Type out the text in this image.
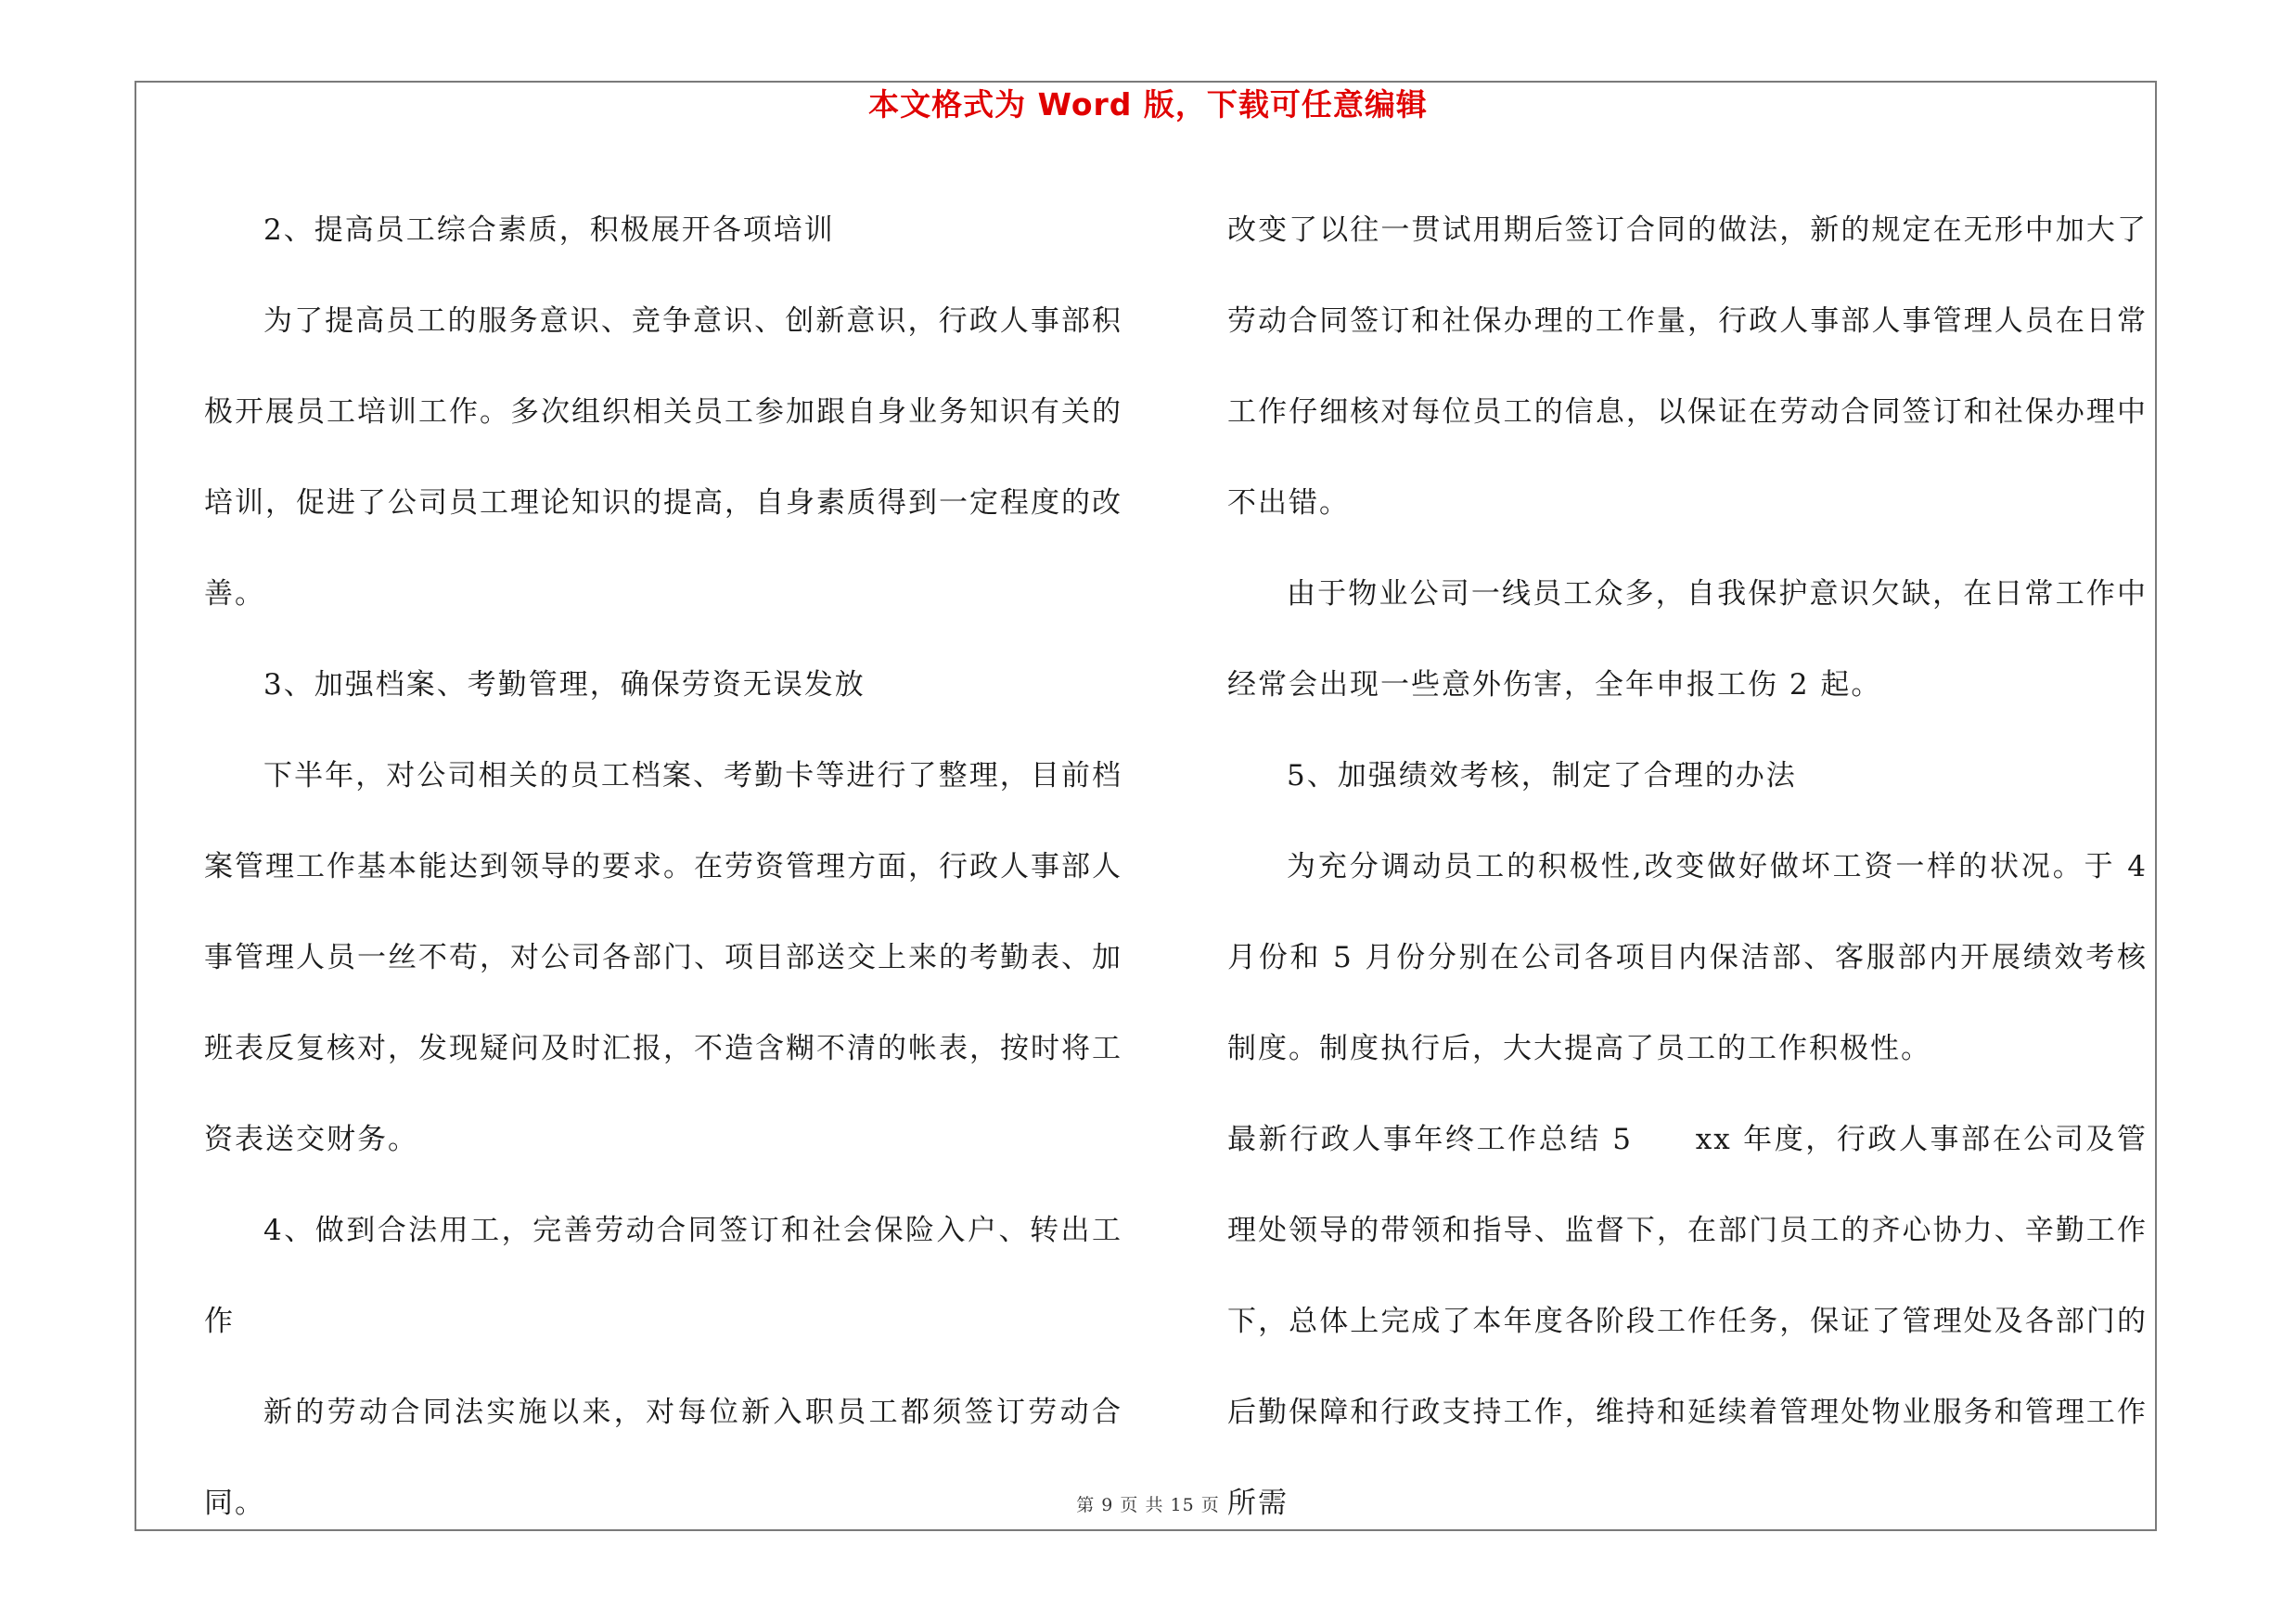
本文格式为 Word 版，下载可任意编辑

2、提高员工综合素质，积极展开各项培训

为了提高员工的服务意识、竞争意识、创新意识，行政人事部积极开展员工培训工作。多次组织相关员工参加跟自身业务知识有关的培训，促进了公司员工理论知识的提高，自身素质得到一定程度的改善。

3、加强档案、考勤管理，确保劳资无误发放

下半年，对公司相关的员工档案、考勤卡等进行了整理，目前档案管理工作基本能达到领导的要求。在劳资管理方面，行政人事部人事管理人员一丝不苟，对公司各部门、项目部送交上来的考勤表、加班表反复核对，发现疑问及时汇报，不造含糊不清的帐表，按时将工资表送交财务。

4、做到合法用工，完善劳动合同签订和社会保险入户、转出工作

新的劳动合同法实施以来，对每位新入职员工都须签订劳动合同。

改变了以往一贯试用期后签订合同的做法，新的规定在无形中加大了劳动合同签订和社保办理的工作量，行政人事部人事管理人员在日常工作仔细核对每位员工的信息，以保证在劳动合同签订和社保办理中不出错。

由于物业公司一线员工众多，自我保护意识欠缺，在日常工作中经常会出现一些意外伤害，全年申报工伤 2 起。

5、加强绩效考核，制定了合理的办法

为充分调动员工的积极性,改变做好做坏工资一样的状况。于 4 月份和 5 月份分别在公司各项目内保洁部、客服部内开展绩效考核制度。制度执行后，大大提高了员工的工作积极性。

最新行政人事年终工作总结 5　　xx 年度，行政人事部在公司及管理处领导的带领和指导、监督下，在部门员工的齐心协力、辛勤工作下，总体上完成了本年度各阶段工作任务，保证了管理处及各部门的后勤保障和行政支持工作，维持和延续着管理处物业服务和管理工作所需

第 9 页 共 15 页
